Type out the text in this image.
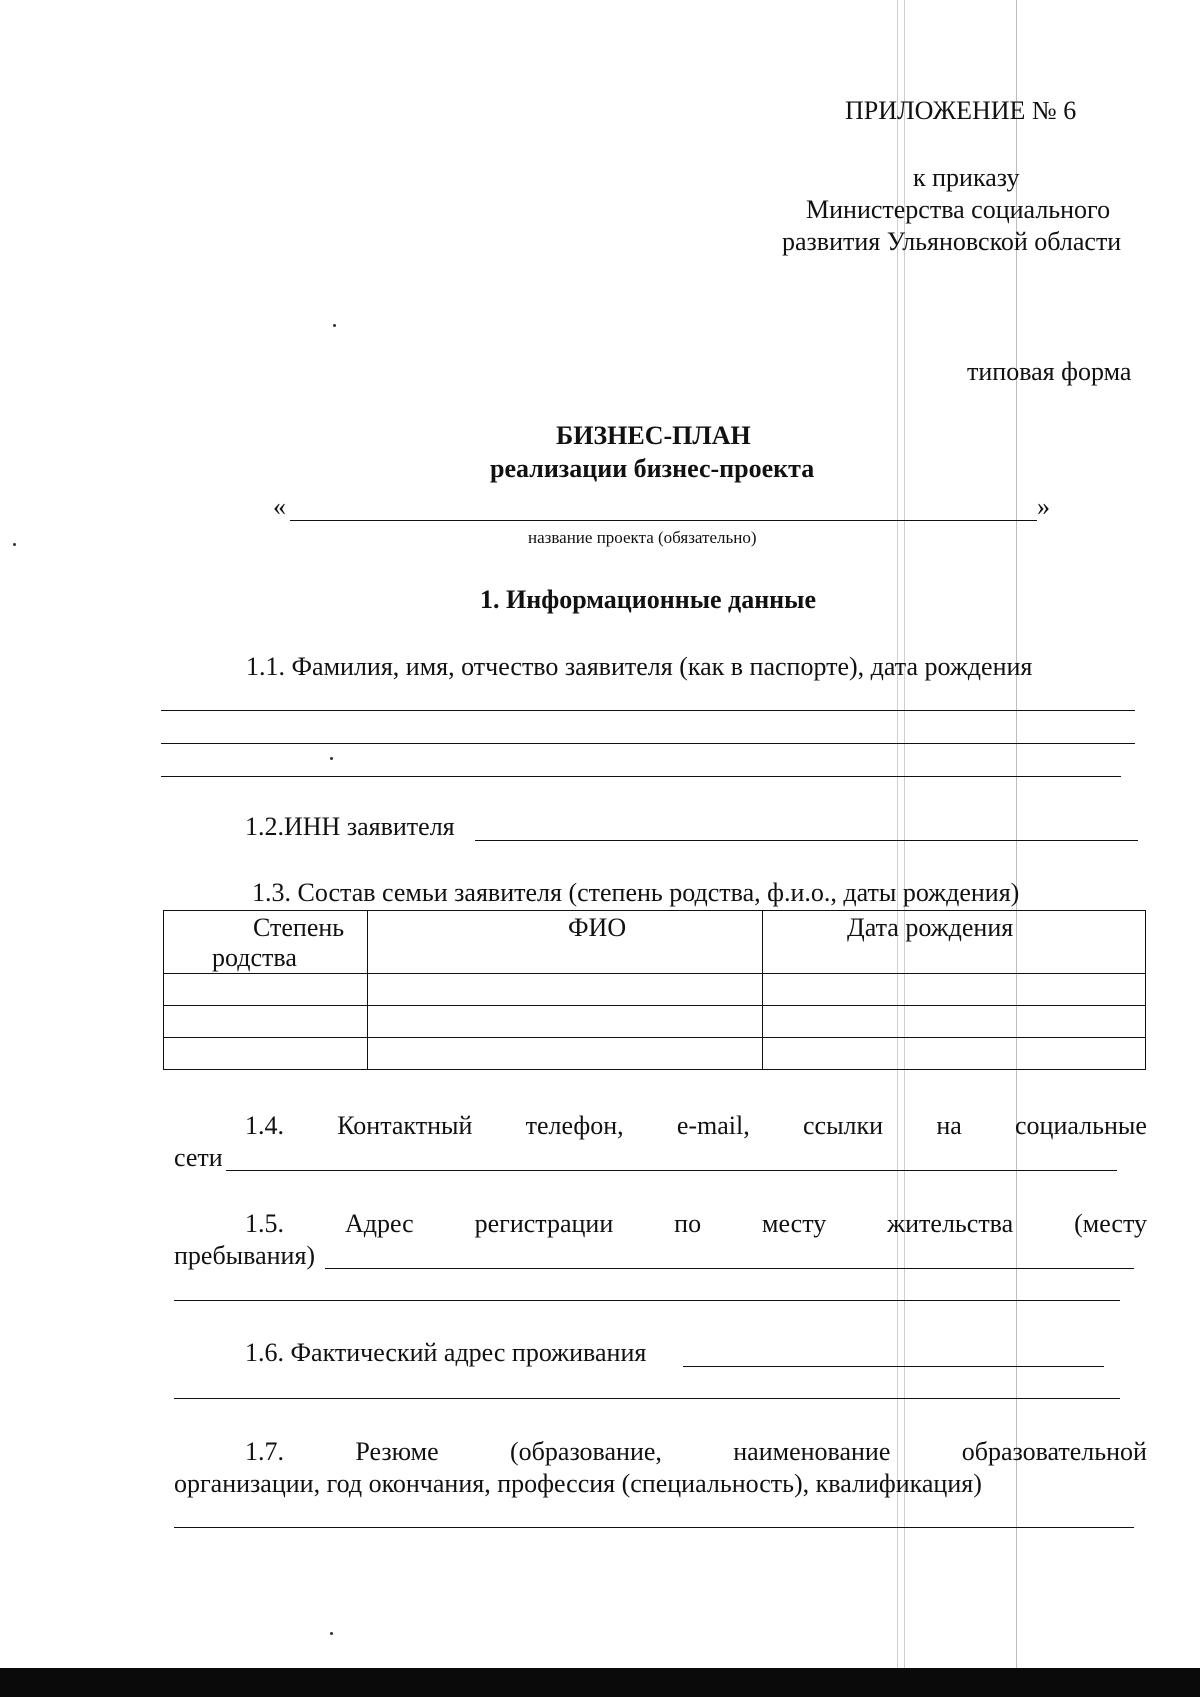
ПРИЛОЖЕНИЕ № 6
к приказу
Министерства социального
развития Ульяновской области
типовая форма
БИЗНЕС-ПЛАН
реализации бизнес-проекта
«	»
название проекта (обязательно)
1. Информационные данные
1.1. Фамилия, имя, отчество заявителя (как в паспорте), дата рождения
1.2.ИНН заявителя
1.3. Состав семьи заявителя (степень родства, ф.и.о., даты рождения)
Степень
родства	ФИО	Дата рождения

1.4. Контактный телефон, e-mail, ссылки на социальные
сети
1.5. Адрес регистрации по месту жительства (месту
пребывания)
1.6. Фактический адрес проживания
1.7.	Резюме	(образование,	наименование	образовательной
организации, год окончания, профессия (специальность), квалификация)
